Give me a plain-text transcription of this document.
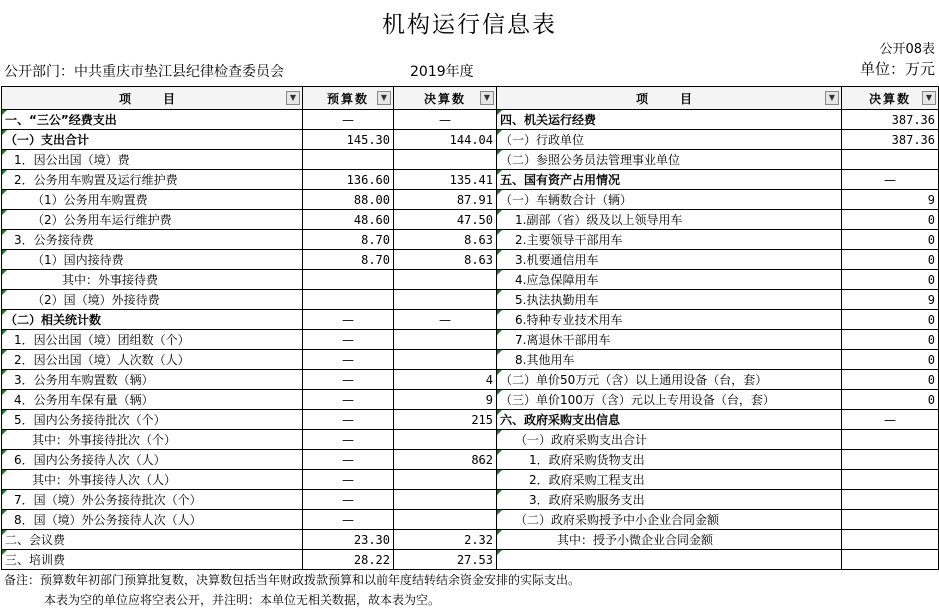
机构运行信息表
公开08表
公开部门：中共重庆市垫江县纪律检查委员会	2019年度	单位：万元
项　目 ▼	预算数 ▼	决算数 ▼	项　目 ▼	决算数 ▼

一、“三公”经费支出	—	—	四、机关运行经费	387.36
（一）支出合计	145.30	144.04	（一）行政单位	387.36
1．因公出国（境）费			（二）参照公务员法管理事业单位	
2．公务用车购置及运行维护费	136.60	135.41	五、国有资产占用情况	—
（1）公务用车购置费	88.00	87.91	（一）车辆数合计（辆）	9
（2）公务用车运行维护费	48.60	47.50	1.副部（省）级及以上领导用车	0
3．公务接待费	8.70	8.63	2.主要领导干部用车	0
（1）国内接待费	8.70	8.63	3.机要通信用车	0
其中：外事接待费			4.应急保障用车	0
（2）国（境）外接待费			5.执法执勤用车	9
（二）相关统计数	—	—	6.特种专业技术用车	0
1．因公出国（境）团组数（个）	—		7.离退休干部用车	0
2．因公出国（境）人次数（人）	—		8.其他用车	0
3．公务用车购置数（辆）	—	4	（二）单价50万元（含）以上通用设备（台，套）	0
4．公务用车保有量（辆）	—	9	（三）单价100万（含）元以上专用设备（台，套）	0
5．国内公务接待批次（个）	—	215	六、政府采购支出信息	—
其中：外事接待批次（个）	—		（一）政府采购支出合计	
6．国内公务接待人次（人）	—	862	1．政府采购货物支出	
其中：外事接待人次（人）	—		2．政府采购工程支出	
7．国（境）外公务接待批次（个）	—		3．政府采购服务支出	
8．国（境）外公务接待人次（人）	—		（二）政府采购授予中小企业合同金额	
二、会议费	23.30	2.32	其中：授予小微企业合同金额	
三、培训费	28.22	27.53		
备注：预算数年初部门预算批复数，决算数包括当年财政拨款预算和以前年度结转结余资金安排的实际支出。
本表为空的单位应将空表公开，并注明：本单位无相关数据，故本表为空。
